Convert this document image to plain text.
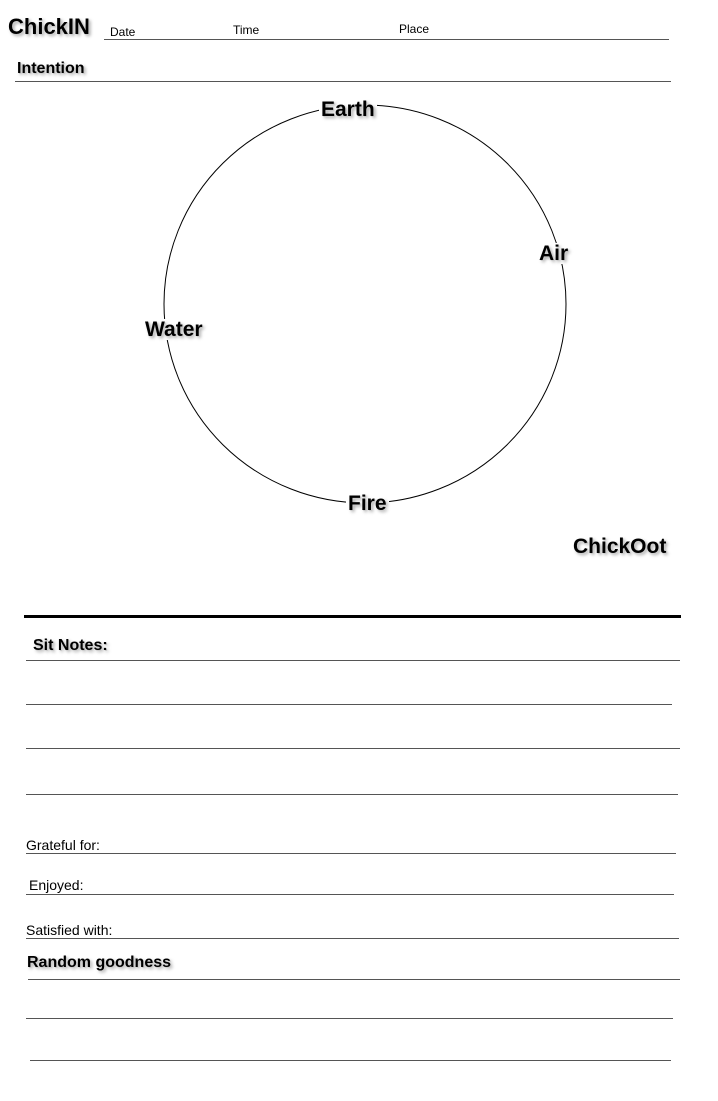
ChickIN Date	Time	Place
Intention
Earth
Air
Water
Fire
ChickOot
Sit Notes:
Grateful for:
Enjoyed:
Satisfied with:
Random goodness
